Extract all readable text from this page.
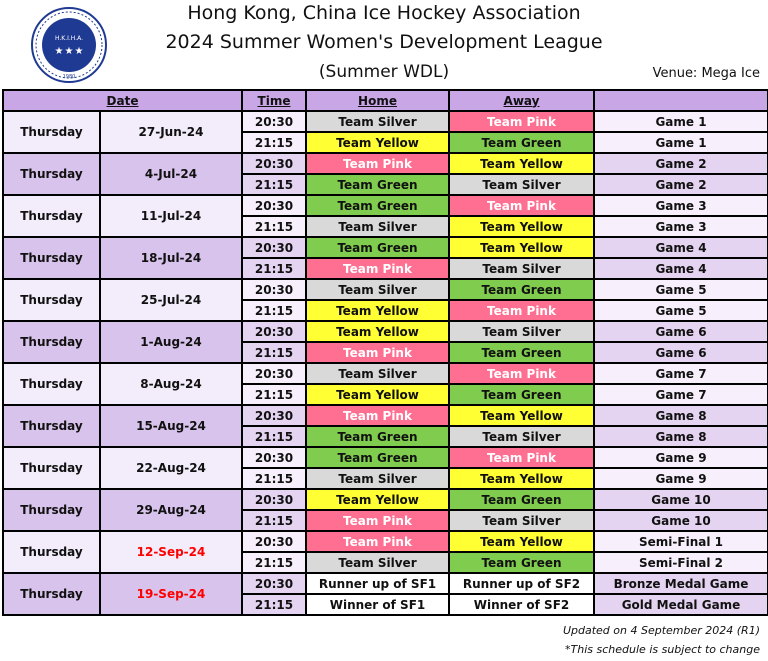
H.K.I.H.A.
★ ★ ★
1980
Hong Kong, China Ice Hockey Association
2024 Summer Women's Development League
(Summer WDL)	Venue: Mega Ice
Date		Time	Home	Away	
Thursday	27-Jun-24	20:30	Team Silver	Team Pink	Game 1
		21:15	Team Yellow	Team Green	Game 1
Thursday	4-Jul-24	20:30	Team Pink	Team Yellow	Game 2
		21:15	Team Green	Team Silver	Game 2
Thursday	11-Jul-24	20:30	Team Green	Team Pink	Game 3
		21:15	Team Silver	Team Yellow	Game 3
Thursday	18-Jul-24	20:30	Team Green	Team Yellow	Game 4
		21:15	Team Pink	Team Silver	Game 4
Thursday	25-Jul-24	20:30	Team Silver	Team Green	Game 5
		21:15	Team Yellow	Team Pink	Game 5
Thursday	1-Aug-24	20:30	Team Yellow	Team Silver	Game 6
		21:15	Team Pink	Team Green	Game 6
Thursday	8-Aug-24	20:30	Team Silver	Team Pink	Game 7
		21:15	Team Yellow	Team Green	Game 7
Thursday	15-Aug-24	20:30	Team Pink	Team Yellow	Game 8
		21:15	Team Green	Team Silver	Game 8
Thursday	22-Aug-24	20:30	Team Green	Team Pink	Game 9
		21:15	Team Silver	Team Yellow	Game 9
Thursday	29-Aug-24	20:30	Team Yellow	Team Green	Game 10
		21:15	Team Pink	Team Silver	Game 10
Thursday	12-Sep-24	20:30	Team Pink	Team Yellow	Semi-Final 1
		21:15	Team Silver	Team Green	Semi-Final 2
Thursday	19-Sep-24	20:30	Runner up of SF1	Runner up of SF2	Bronze Medal Game
		21:15	Winner of SF1	Winner of SF2	Gold Medal Game
Updated on 4 September 2024 (R1)
*This schedule is subject to change
